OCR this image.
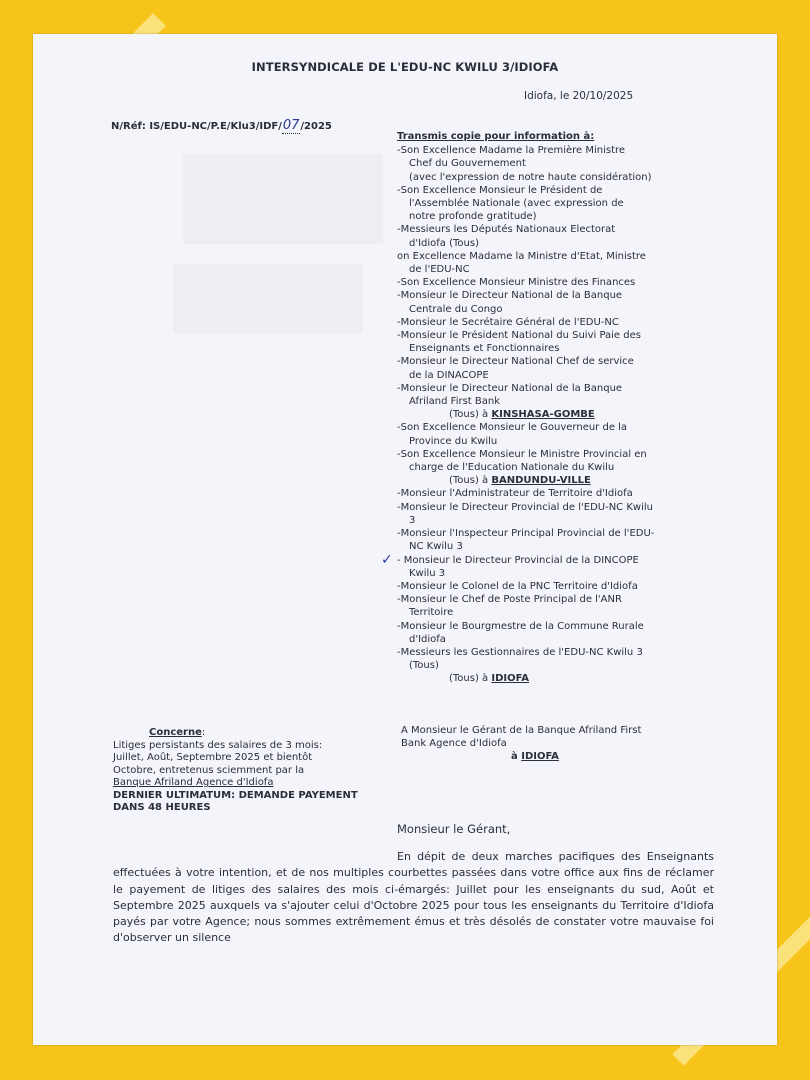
INTERSYNDICALE DE L'EDU-NC KWILU 3/IDIOFA
Idiofa, le 20/10/2025
N/Réf: IS/EDU-NC/P.E/Klu3/IDF/07/2025
Transmis copie pour information à:
-Son Excellence Madame la Première Ministre
Chef du Gouvernement
(avec l'expression de notre haute considération)
-Son Excellence Monsieur le Président de
l'Assemblée Nationale (avec expression de
notre profonde gratitude)
-Messieurs les Députés Nationaux Electorat
d'Idiofa (Tous)
on Excellence Madame la Ministre d'Etat, Ministre
de l'EDU-NC
-Son Excellence Monsieur Ministre des Finances
-Monsieur le Directeur National de la Banque
Centrale du Congo
-Monsieur le Secrétaire Général de l'EDU-NC
-Monsieur le Président National du Suivi Paie des
Enseignants et Fonctionnaires
-Monsieur le Directeur National Chef de service
de la DINACOPE
-Monsieur le Directeur National de la Banque
Afriland First Bank
(Tous) à KINSHASA-GOMBE
-Son Excellence Monsieur le Gouverneur de la
Province du Kwilu
-Son Excellence Monsieur le Ministre Provincial en
charge de l'Education Nationale du Kwilu
(Tous) à BANDUNDU-VILLE
-Monsieur l'Administrateur de Territoire d'Idiofa
-Monsieur le Directeur Provincial de l'EDU-NC Kwilu
3
-Monsieur l'Inspecteur Principal Provincial de l'EDU-
NC Kwilu 3
✓ - Monsieur le Directeur Provincial de la DINCOPE
Kwilu 3
-Monsieur le Colonel de la PNC Territoire d'Idiofa
-Monsieur le Chef de Poste Principal de l'ANR
Territoire
-Monsieur le Bourgmestre de la Commune Rurale
d'Idiofa
-Messieurs les Gestionnaires de l'EDU-NC Kwilu 3
(Tous)
(Tous) à IDIOFA
Concerne:
Litiges persistants des salaires de 3 mois:
Juillet, Août, Septembre 2025 et bientôt
Octobre, entretenus sciemment par la
Banque Afriland Agence d'Idiofa
DERNIER ULTIMATUM: DEMANDE PAYEMENT DANS 48 HEURES
A Monsieur le Gérant de la Banque Afriland First
Bank Agence d'Idiofa
à IDIOFA
Monsieur le Gérant,
En dépit de deux marches pacifiques des Enseignants effectuées à votre intention, et de nos multiples courbettes passées dans votre office aux fins de réclamer le payement de litiges des salaires des mois ci-émargés: Juillet pour les enseignants du sud, Août et Septembre 2025 auxquels va s'ajouter celui d'Octobre 2025 pour tous les enseignants du Territoire d'Idiofa payés par votre Agence; nous sommes extrêmement émus et très désolés de constater votre mauvaise foi d'observer un silence
